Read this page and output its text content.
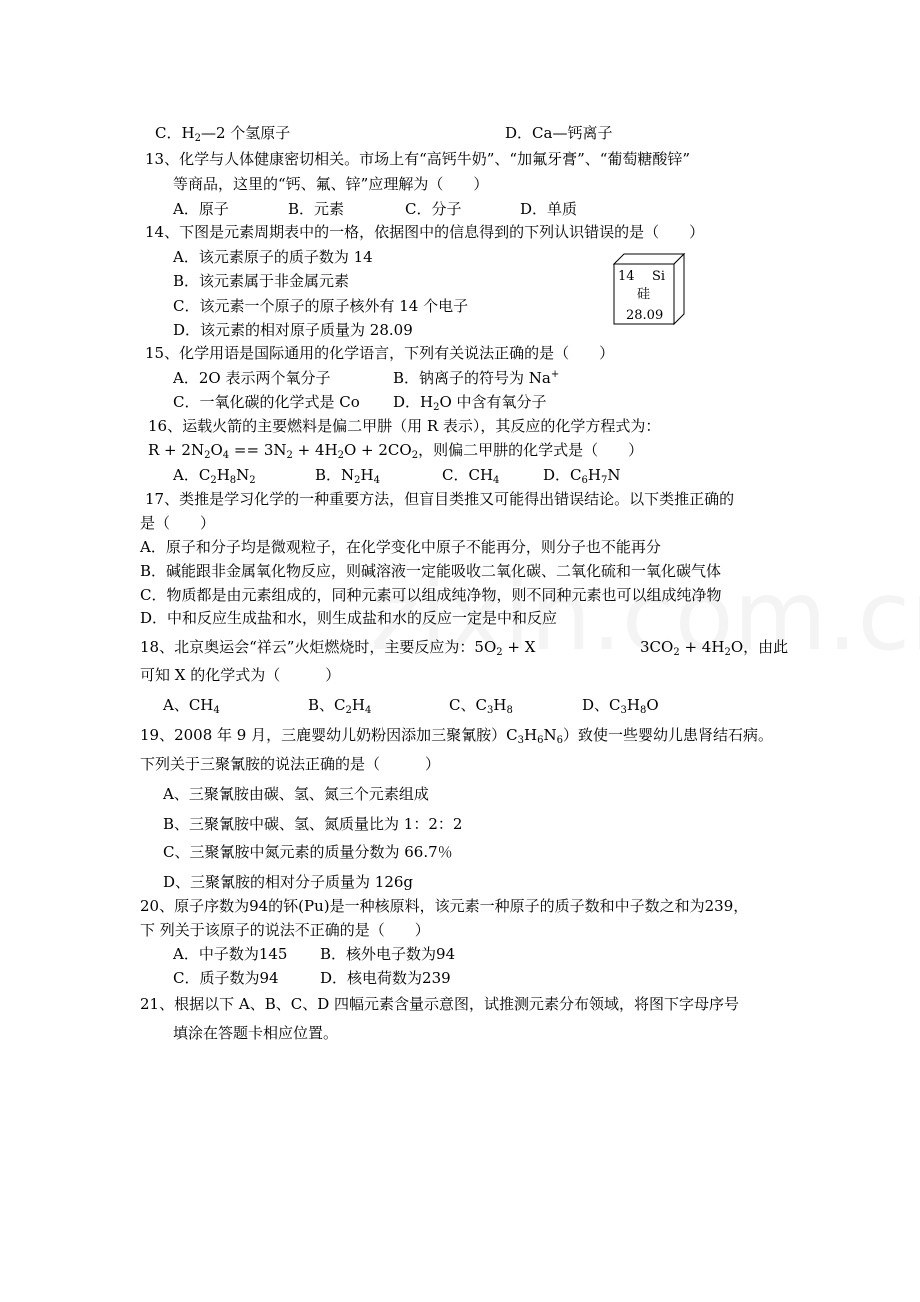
C．$H_2—2$ 个氢原子	D．Ca—钙离子
13、化学与人体健康密切相关。市场上有“高钙牛奶”、“加氟牙膏”、“葡萄糖酸锌”
等商品，这里的“钙、氟、锌”应理解为（　　）
A．原子	B．元素	C．分子	D．单质
14、下图是元素周期表中的一格，依据图中的信息得到的下列认识错误的是（　　）
A．该元素原子的质子数为 14
B．该元素属于非金属元素
C．该元素一个原子的原子核外有 14 个电子
D．该元素的相对原子质量为 28.09
14 Si
硅
28.09
15、化学用语是国际通用的化学语言，下列有关说法正确的是（　　）
A．2O 表示两个氧分子	B．钠离子的符号为 Na+
C．一氧化碳的化学式是 Co D．$H_2O$ 中含有氧分子
16、运载火箭的主要燃料是偏二甲肼（用 R 表示），其反应的化学方程式为：
$R + 2N_2O_4 == 3N_2 + 4H_2O + 2CO_2$，则偏二甲肼的化学式是（　　）
A．$C_2H_8N_2$	B．$N_2H_4$	C．$CH_4$	D．$C_6H_7N$
17、类推是学习化学的一种重要方法，但盲目类推又可能得出错误结论。以下类推正确的
是（　　）
A．原子和分子均是微观粒子，在化学变化中原子不能再分，则分子也不能再分
B．碱能跟非金属氧化物反应，则碱溶液一定能吸收二氧化碳、二氧化硫和一氧化碳气体
C．物质都是由元素组成的，同种元素可以组成纯净物，则不同种元素也可以组成纯净物
D．中和反应生成盐和水，则生成盐和水的反应一定是中和反应
18、北京奥运会“祥云”火炬燃烧时，主要反应为：$5O_2 + X$	$3CO_2 + 4H_2O$，由此
可知 X 的化学式为（　　　）
A、$CH_4$	B、$C_2H_4$	C、$C_3H_8$	D、$C_3H_8O$
19、2008 年 9 月，三鹿婴幼儿奶粉因添加三聚氰胺）$C_3H_6N_6$）致使一些婴幼儿患肾结石病。
下列关于三聚氰胺的说法正确的是（　　　）
A、三聚氰胺由碳、氢、氮三个元素组成
B、三聚氰胺中碳、氢、氮质量比为 1：2：2
C、三聚氰胺中氮元素的质量分数为 66.7％
D、三聚氰胺的相对分子质量为 126g
20、原子序数为94的钚(Pu)是一种核原料，该元素一种原子的质子数和中子数之和为239，
下 列关于该原子的说法不正确的是（　　）
A．中子数为145 B．核外电子数为94
C．质子数为94	D．核电荷数为239
21、根据以下 A、B、C、D 四幅元素含量示意图，试推测元素分布领域，将图下字母序号
填涂在答题卡相应位置。
